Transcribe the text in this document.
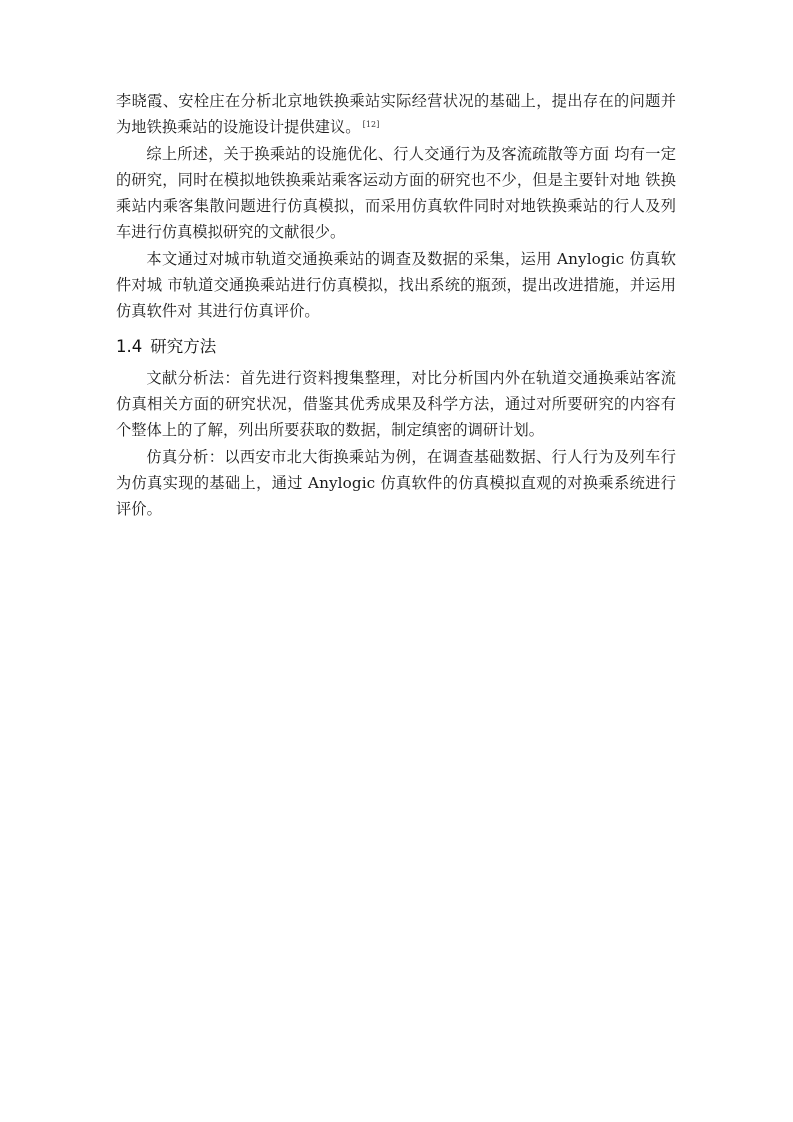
李晓霞、安栓庄在分析北京地铁换乘站实际经营状况的基础上，提出存在的问题并为地铁换乘站的设施设计提供建议。 [12]

综上所述，关于换乘站的设施优化、行人交通行为及客流疏散等方面 均有一定的研究，同时在模拟地铁换乘站乘客运动方面的研究也不少，但是主要针对地 铁换乘站内乘客集散问题进行仿真模拟，而采用仿真软件同时对地铁换乘站的行人及列 车进行仿真模拟研究的文献很少。

本文通过对城市轨道交通换乘站的调查及数据的采集，运用 Anylogic 仿真软件对城 市轨道交通换乘站进行仿真模拟，找出系统的瓶颈，提出改进措施，并运用仿真软件对 其进行仿真评价。

1.4 研究方法

文献分析法：首先进行资料搜集整理，对比分析国内外在轨道交通换乘站客流仿真相关方面的研究状况，借鉴其优秀成果及科学方法，通过对所要研究的内容有个整体上的了解，列出所要获取的数据，制定缜密的调研计划。

仿真分析：以西安市北大街换乘站为例，在调查基础数据、行人行为及列车行为仿真实现的基础上，通过 Anylogic 仿真软件的仿真模拟直观的对换乘系统进行评价。
